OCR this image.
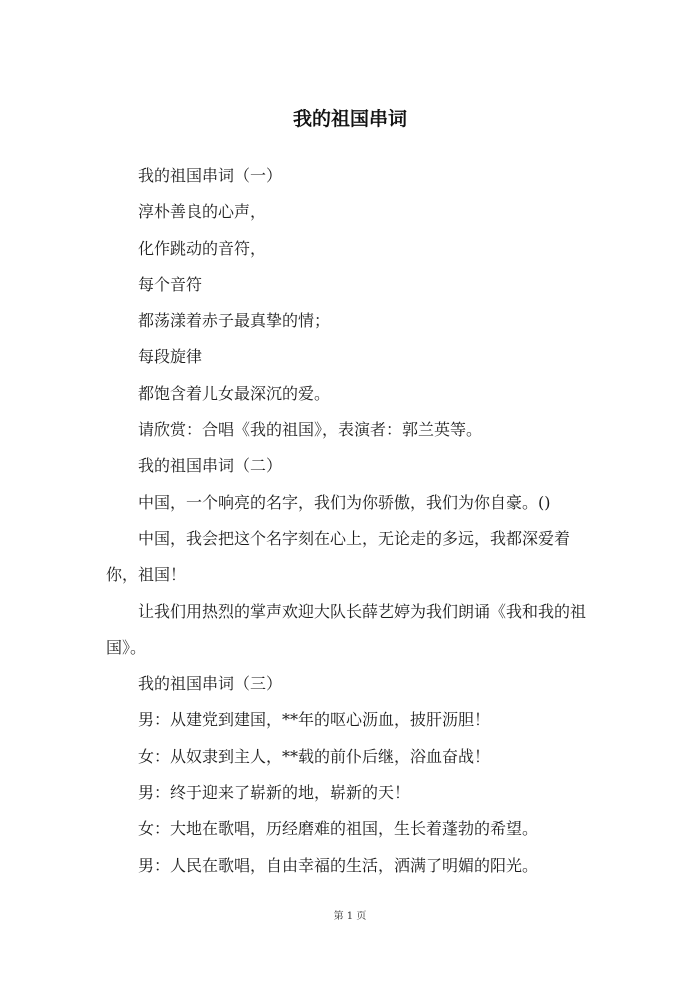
我的祖国串词

我的祖国串词（一）

淳朴善良的心声，

化作跳动的音符，

每个音符

都荡漾着赤子最真挚的情；

每段旋律

都饱含着儿女最深沉的爱。

请欣赏：合唱《我的祖国》，表演者：郭兰英等。

我的祖国串词（二）

中国，一个响亮的名字，我们为你骄傲，我们为你自豪。()

中国，我会把这个名字刻在心上，无论走的多远，我都深爱着你，祖国！

让我们用热烈的掌声欢迎大队长薛艺婷为我们朗诵《我和我的祖国》。

我的祖国串词（三）

男：从建党到建国，**年的呕心沥血，披肝沥胆！

女：从奴隶到主人，**载的前仆后继，浴血奋战！

男：终于迎来了崭新的地，崭新的天！

女：大地在歌唱，历经磨难的祖国，生长着蓬勃的希望。

男：人民在歌唱，自由幸福的生活，洒满了明媚的阳光。

第 1 页
